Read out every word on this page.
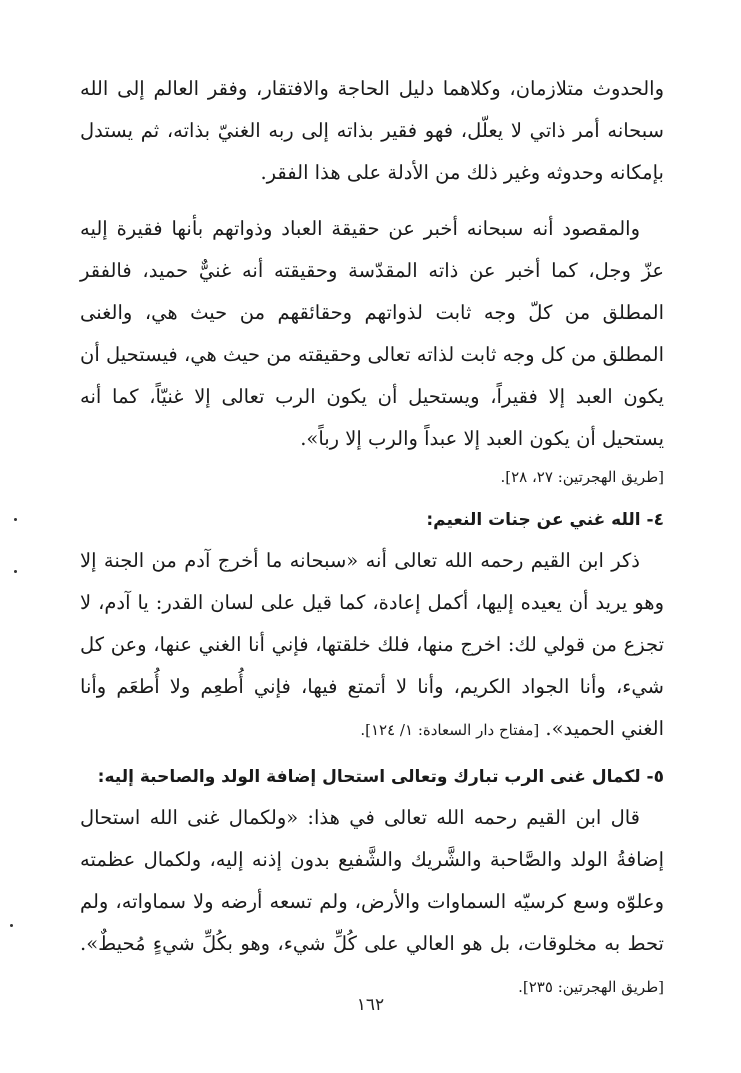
والحدوث متلازمان، وكلاهما دليل الحاجة والافتقار، وفقر العالم إلى الله سبحانه أمر ذاتي لا يعلّل، فهو فقير بذاته إلى ربه الغنيّ بذاته، ثم يستدل بإمكانه وحدوثه وغير ذلك من الأدلة على هذا الفقر.

والمقصود أنه سبحانه أخبر عن حقيقة العباد وذواتهم بأنها فقيرة إليه عزّ وجل، كما أخبر عن ذاته المقدّسة وحقيقته أنه غنيٌّ حميد، فالفقر المطلق من كلّ وجه ثابت لذواتهم وحقائقهم من حيث هي، والغنى المطلق من كل وجه ثابت لذاته تعالى وحقيقته من حيث هي، فيستحيل أن يكون العبد إلا فقيراً، ويستحيل أن يكون الرب تعالى إلا غنيّاً، كما أنه يستحيل أن يكون العبد إلا عبداً والرب إلا رباً».

[طريق الهجرتين: ٢٧، ٢٨].
٤- الله غني عن جنات النعيم:

ذكر ابن القيم رحمه الله تعالى أنه «سبحانه ما أخرج آدم من الجنة إلا وهو يريد أن يعيده إليها، أكمل إعادة، كما قيل على لسان القدر: يا آدم، لا تجزع من قولي لك: اخرج منها، فلك خلقتها، فإني أنا الغني عنها، وعن كل شيء، وأنا الجواد الكريم، وأنا لا أتمتع فيها، فإني أُطعِم ولا أُطعَم وأنا الغني الحميد». [مفتاح دار السعادة: ١/ ١٢٤].

٥- لكمال غنى الرب تبارك وتعالى استحال إضافة الولد والصاحبة إليه:

قال ابن القيم رحمه الله تعالى في هذا: «ولكمال غنى الله استحال إضافةُ الولد والصَّاحبة والشَّريك والشَّفيع بدون إذنه إليه، ولكمال عظمته وعلوّه وسع كرسيّه السماوات والأرض، ولم تسعه أرضه ولا سماواته، ولم تحط به مخلوقات، بل هو العالي على كُلِّ شيء، وهو بكُلِّ شيءٍ مُحيطٌ». [طريق الهجرتين: ٢٣٥].

١٦٢
